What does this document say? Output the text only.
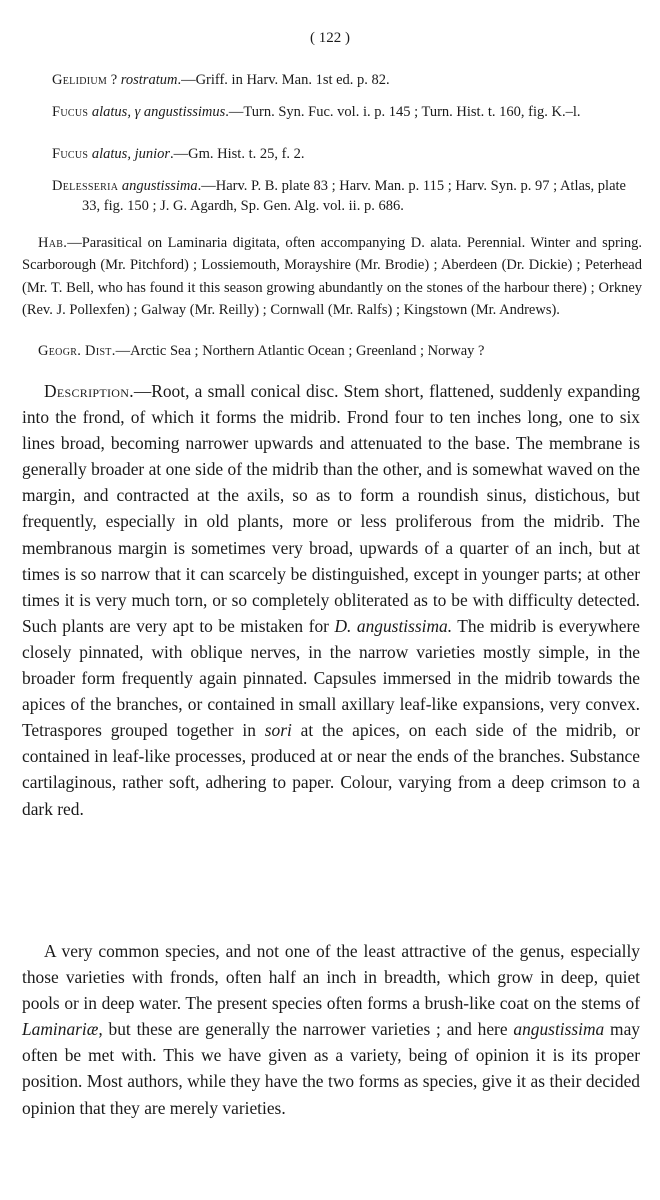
( 122 )
Gelidium ? rostratum.—Griff. in Harv. Man. 1st ed. p. 82.
Fucus alatus, γ angustissimus.—Turn. Syn. Fuc. vol. i. p. 145 ; Turn. Hist. t. 160, fig. K.–l.
Fucus alatus, junior.—Gm. Hist. t. 25, f. 2.
Delesseria angustissima.—Harv. P. B. plate 83 ; Harv. Man. p. 115 ; Harv. Syn. p. 97 ; Atlas, plate 33, fig. 150 ; J. G. Agardh, Sp. Gen. Alg. vol. ii. p. 686.
Hab.—Parasitical on Laminaria digitata, often accompanying D. alata. Perennial. Winter and spring. Scarborough (Mr. Pitchford) ; Lossiemouth, Morayshire (Mr. Brodie) ; Aberdeen (Dr. Dickie) ; Peterhead (Mr. T. Bell, who has found it this season growing abundantly on the stones of the harbour there) ; Orkney (Rev. J. Pollexfen) ; Galway (Mr. Reilly) ; Cornwall (Mr. Ralfs) ; Kingstown (Mr. Andrews).
Geogr. Dist.—Arctic Sea ; Northern Atlantic Ocean ; Greenland ; Norway ?
Description.—Root, a small conical disc. Stem short, flattened, suddenly expanding into the frond, of which it forms the midrib. Frond four to ten inches long, one to six lines broad, becoming narrower upwards and attenuated to the base. The membrane is generally broader at one side of the midrib than the other, and is somewhat waved on the margin, and contracted at the axils, so as to form a roundish sinus, distichous, but frequently, especially in old plants, more or less proliferous from the midrib. The membranous margin is sometimes very broad, upwards of a quarter of an inch, but at times is so narrow that it can scarcely be distinguished, except in younger parts; at other times it is very much torn, or so completely obliterated as to be with difficulty detected. Such plants are very apt to be mistaken for D. angustissima. The midrib is everywhere closely pinnated, with oblique nerves, in the narrow varieties mostly simple, in the broader form frequently again pinnated. Capsules immersed in the midrib towards the apices of the branches, or contained in small axillary leaf-like expansions, very convex. Tetraspores grouped together in sori at the apices, on each side of the midrib, or contained in leaf-like processes, produced at or near the ends of the branches. Substance cartilaginous, rather soft, adhering to paper. Colour, varying from a deep crimson to a dark red.
A very common species, and not one of the least attractive of the genus, especially those varieties with fronds, often half an inch in breadth, which grow in deep, quiet pools or in deep water. The present species often forms a brush-like coat on the stems of Laminariæ, but these are generally the narrower varieties ; and here angustissima may often be met with. This we have given as a variety, being of opinion it is its proper position. Most authors, while they have the two forms as species, give it as their decided opinion that they are merely varieties.
